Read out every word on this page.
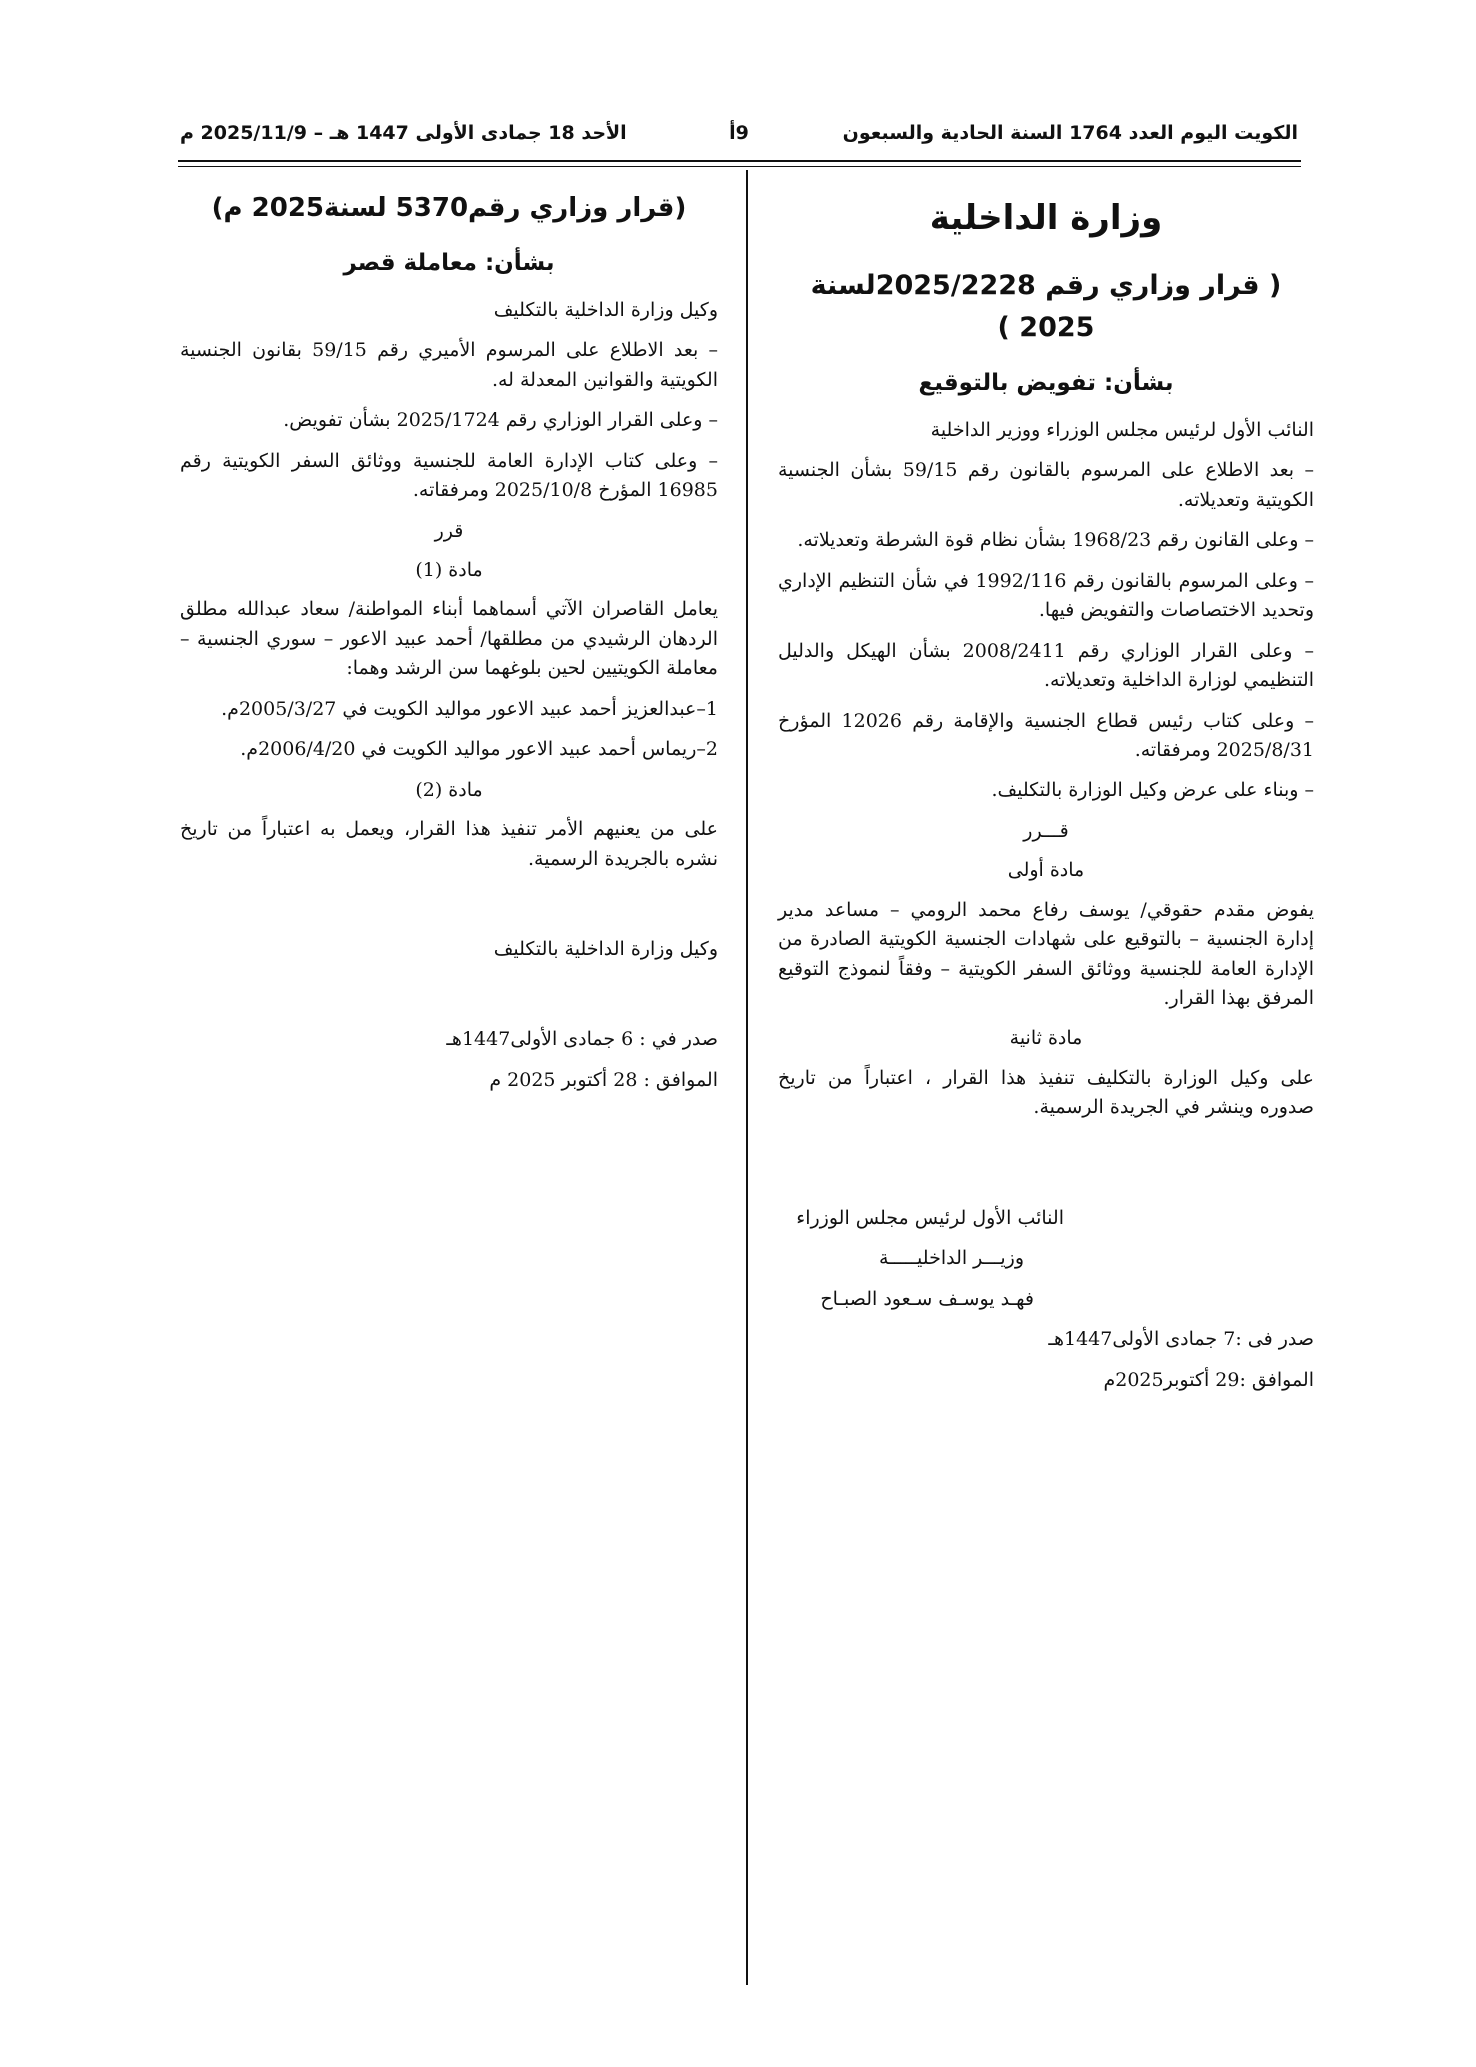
الكويت اليوم العدد 1764 السنة الحادية والسبعون
9أ
الأحد 18 جمادى الأولى 1447 هـ – 2025/11/9 م
وزارة الداخلية
( قرار وزاري رقم 2025/2228لسنة 2025 )
بشأن: تفويض بالتوقيع

النائب الأول لرئيس مجلس الوزراء ووزير الداخلية

– بعد الاطلاع على المرسوم بالقانون رقم 59/15 بشأن الجنسية الكويتية وتعديلاته.

– وعلى القانون رقم 1968/23 بشأن نظام قوة الشرطة وتعديلاته.

– وعلى المرسوم بالقانون رقم 1992/116 في شأن التنظيم الإداري وتحديد الاختصاصات والتفويض فيها.

– وعلى القرار الوزاري رقم 2008/2411 بشأن الهيكل والدليل التنظيمي لوزارة الداخلية وتعديلاته.

– وعلى كتاب رئيس قطاع الجنسية والإقامة رقم 12026 المؤرخ 2025/8/31 ومرفقاته.

– وبناء على عرض وكيل الوزارة بالتكليف.

قـــرر
مادة أولى

يفوض مقدم حقوقي/ يوسف رفاع محمد الرومي – مساعد مدير إدارة الجنسية – بالتوقيع على شهادات الجنسية الكويتية الصادرة من الإدارة العامة للجنسية ووثائق السفر الكويتية – وفقاً لنموذج التوقيع المرفق بهذا القرار.

مادة ثانية

على وكيل الوزارة بالتكليف تنفيذ هذا القرار ، اعتباراً من تاريخ صدوره وينشر في الجريدة الرسمية.

النائب الأول لرئيس مجلس الوزراء

وزيـــر الداخليـــــة

فهـد يوسـف سـعود الصبـاح

صدر فى :7 جمادى الأولى1447هـ

الموافق :29 أكتوبر2025م

(قرار وزاري رقم5370 لسنة2025 م)
بشأن: معاملة قصر

وكيل وزارة الداخلية بالتكليف

– بعد الاطلاع على المرسوم الأميري رقم 59/15 بقانون الجنسية الكويتية والقوانين المعدلة له.

– وعلى القرار الوزاري رقم 2025/1724 بشأن تفويض.

– وعلى كتاب الإدارة العامة للجنسية ووثائق السفر الكويتية رقم 16985 المؤرخ 2025/10/8 ومرفقاته.

قرر
مادة (1)

يعامل القاصران الآتي أسماهما أبناء المواطنة/ سعاد عبدالله مطلق الردهان الرشيدي من مطلقها/ أحمد عبيد الاعور – سوري الجنسية – معاملة الكويتيين لحين بلوغهما سن الرشد وهما:

1–عبدالعزيز أحمد عبيد الاعور مواليد الكويت في 2005/3/27م.

2–ريماس أحمد عبيد الاعور مواليد الكويت في 2006/4/20م.

مادة (2)

على من يعنيهم الأمر تنفيذ هذا القرار، ويعمل به اعتباراً من تاريخ نشره بالجريدة الرسمية.

وكيل وزارة الداخلية بالتكليف

صدر في : 6 جمادى الأولى1447هـ

الموافق : 28 أكتوبر 2025 م
